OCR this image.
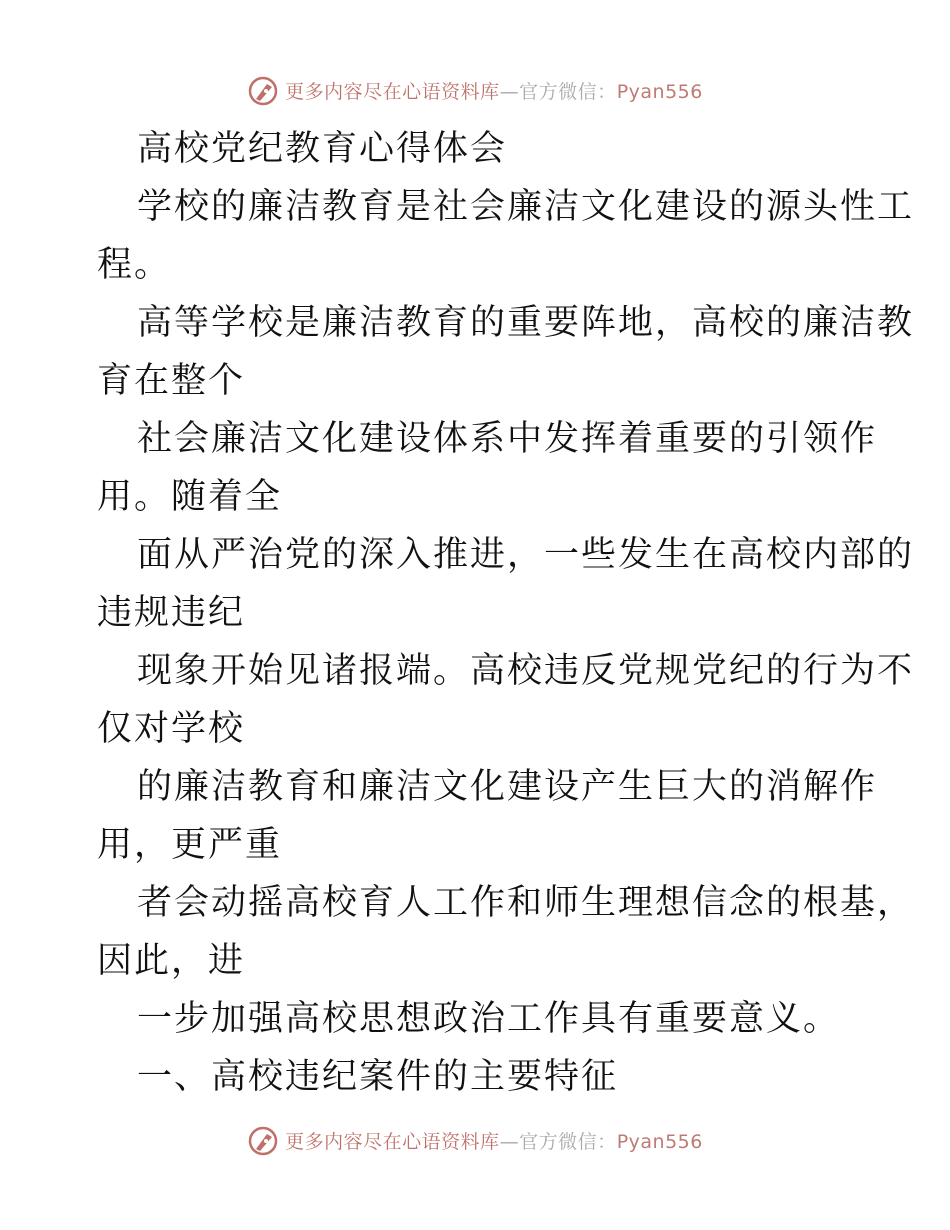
更多内容尽在心语资料库—官方微信：Pyan556
高校党纪教育心得体会
学校的廉洁教育是社会廉洁文化建设的源头性工
程。
高等学校是廉洁教育的重要阵地，高校的廉洁教
育在整个
社会廉洁文化建设体系中发挥着重要的引领作
用。随着全
面从严治党的深入推进，一些发生在高校内部的
违规违纪
现象开始见诸报端。高校违反党规党纪的行为不
仅对学校
的廉洁教育和廉洁文化建设产生巨大的消解作
用，更严重
者会动摇高校育人工作和师生理想信念的根基，
因此，进
一步加强高校思想政治工作具有重要意义。
一、高校违纪案件的主要特征
更多内容尽在心语资料库—官方微信：Pyan556
